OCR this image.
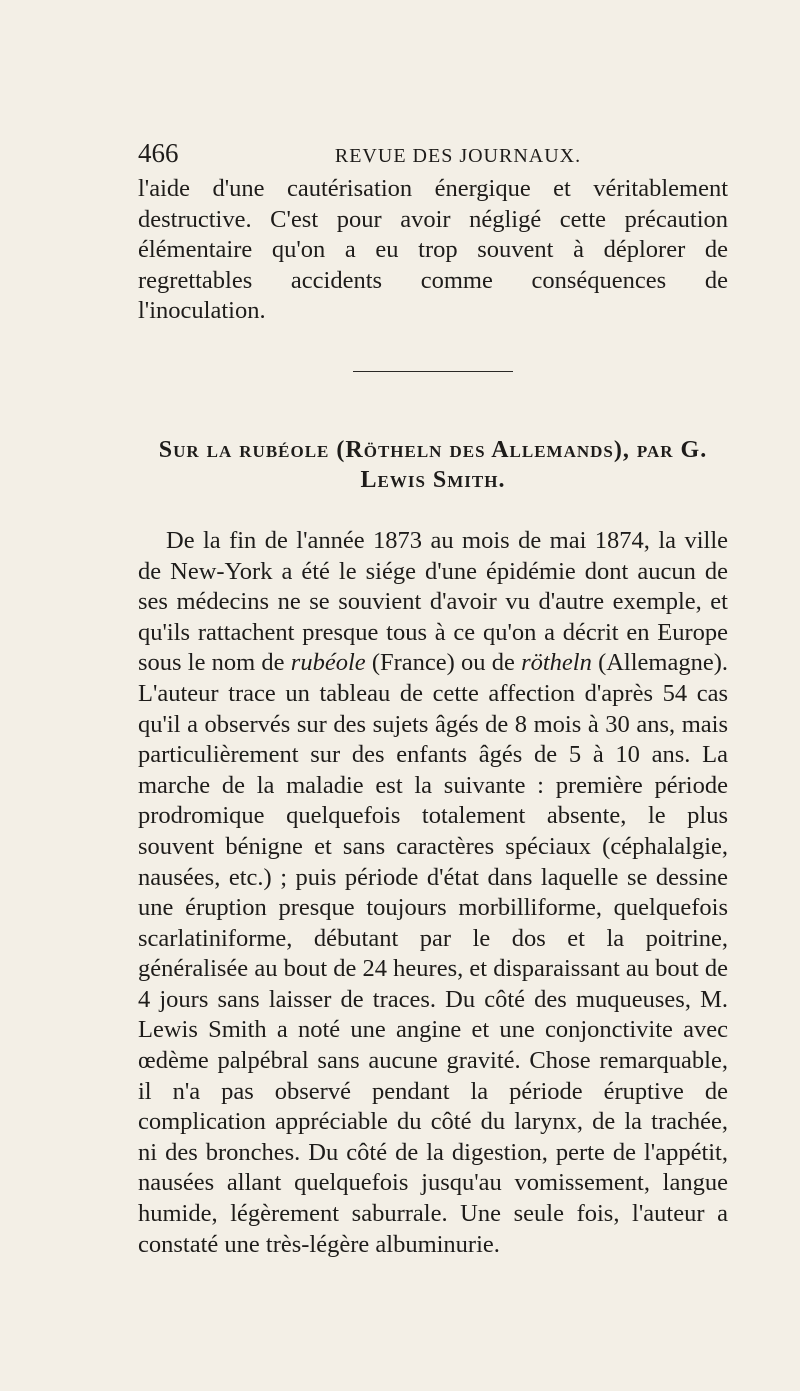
466	REVUE DES JOURNAUX.

l'aide d'une cautérisation énergique et véritablement destructive. C'est pour avoir négligé cette précaution élémentaire qu'on a eu trop souvent à déplorer de regrettables accidents comme conséquences de l'inoculation.

Sur la rubéole (Rötheln des Allemands), par G. Lewis Smith.

De la fin de l'année 1873 au mois de mai 1874, la ville de New-York a été le siége d'une épidémie dont aucun de ses médecins ne se souvient d'avoir vu d'autre exemple, et qu'ils rattachent presque tous à ce qu'on a décrit en Europe sous le nom de rubéole (France) ou de rötheln (Allemagne). L'auteur trace un tableau de cette affection d'après 54 cas qu'il a observés sur des sujets âgés de 8 mois à 30 ans, mais particulièrement sur des enfants âgés de 5 à 10 ans. La marche de la maladie est la suivante : première période prodromique quelquefois totalement absente, le plus souvent bénigne et sans caractères spéciaux (céphalalgie, nausées, etc.) ; puis période d'état dans laquelle se dessine une éruption presque toujours morbilliforme, quelquefois scarlatiniforme, débutant par le dos et la poitrine, généralisée au bout de 24 heures, et disparaissant au bout de 4 jours sans laisser de traces. Du côté des muqueuses, M. Lewis Smith a noté une angine et une conjonctivite avec œdème palpébral sans aucune gravité. Chose remarquable, il n'a pas observé pendant la période éruptive de complication appréciable du côté du larynx, de la trachée, ni des bronches. Du côté de la digestion, perte de l'appétit, nausées allant quelquefois jusqu'au vomissement, langue humide, légèrement saburrale. Une seule fois, l'auteur a constaté une très-légère albuminurie.
